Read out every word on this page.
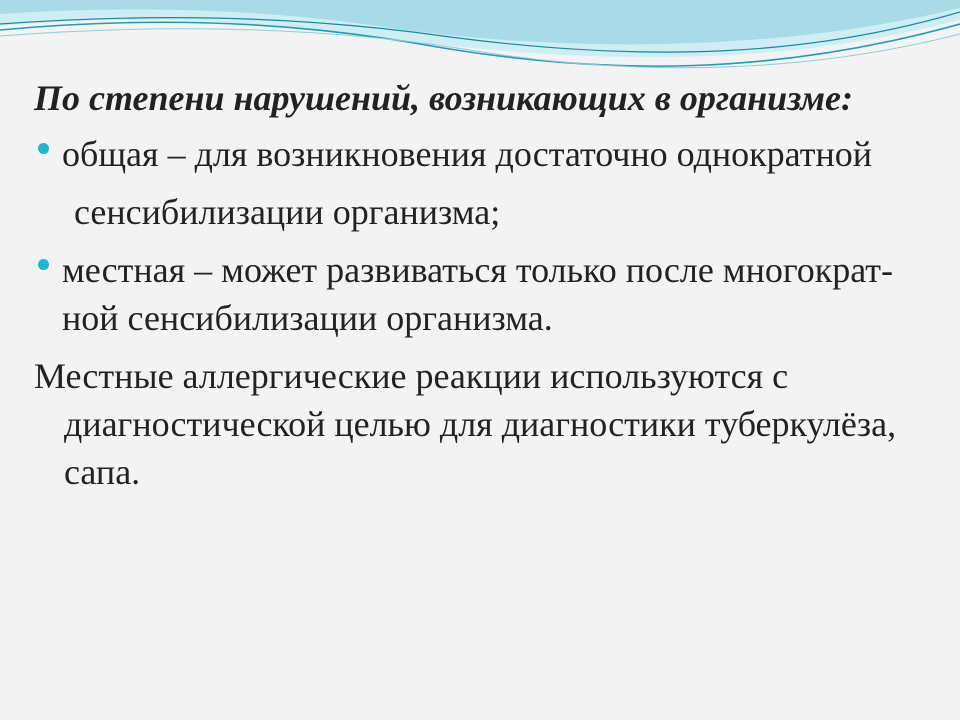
По степени нарушений, возникающих в организме:
общая – для возникновения достаточно однократной
сенсибилизации организма;
местная – может развиваться только после многократ-ной сенсибилизации организма.

Местные аллергические реакции используются с диагностической целью для диагностики туберкулёза, сапа.
